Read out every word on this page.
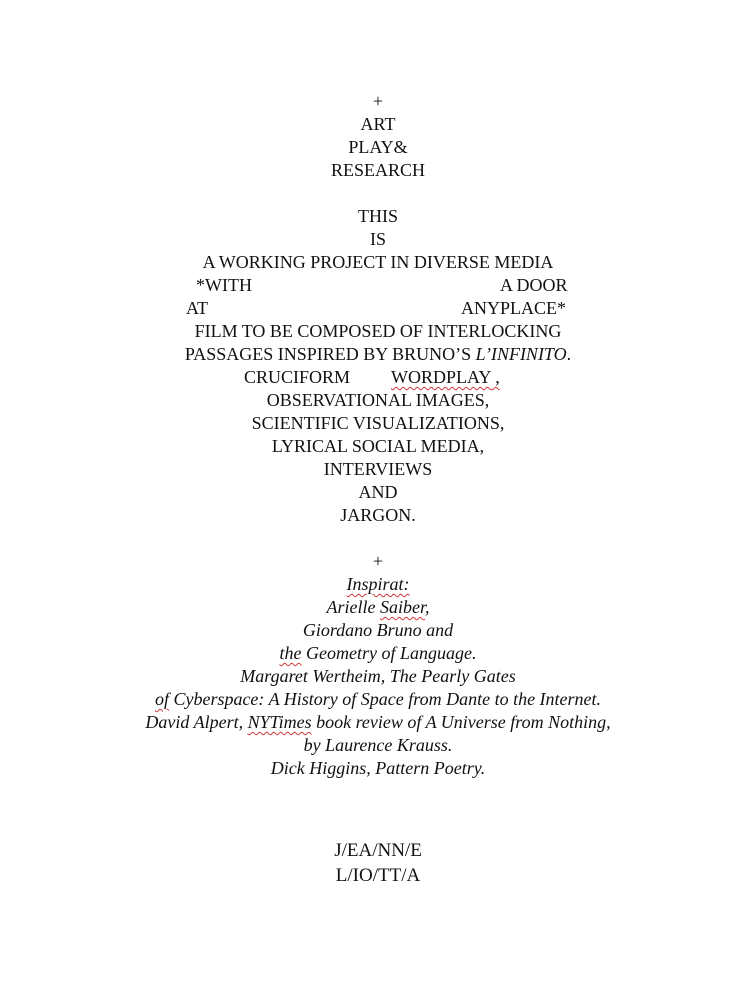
+
ART
PLAY&
RESEARCH
THIS
IS
A WORKING PROJECT IN DIVERSE MEDIA
*WITH	A DOOR
AT	ANYPLACE*
FILM TO BE COMPOSED OF INTERLOCKING
PASSAGES INSPIRED BY BRUNO’S L’INFINITO.
CRUCIFORM WORDPLAY ,
OBSERVATIONAL IMAGES,
SCIENTIFIC VISUALIZATIONS,
LYRICAL SOCIAL MEDIA,
INTERVIEWS
AND
JARGON.
+
Inspirat:
Arielle Saiber,
Giordano Bruno and
the Geometry of Language.
Margaret Wertheim, The Pearly Gates
of Cyberspace: A History of Space from Dante to the Internet.
David Alpert, NYTimes book review of A Universe from Nothing,
by Laurence Krauss.
Dick Higgins, Pattern Poetry.
J/EA/NN/E
L/IO/TT/A
